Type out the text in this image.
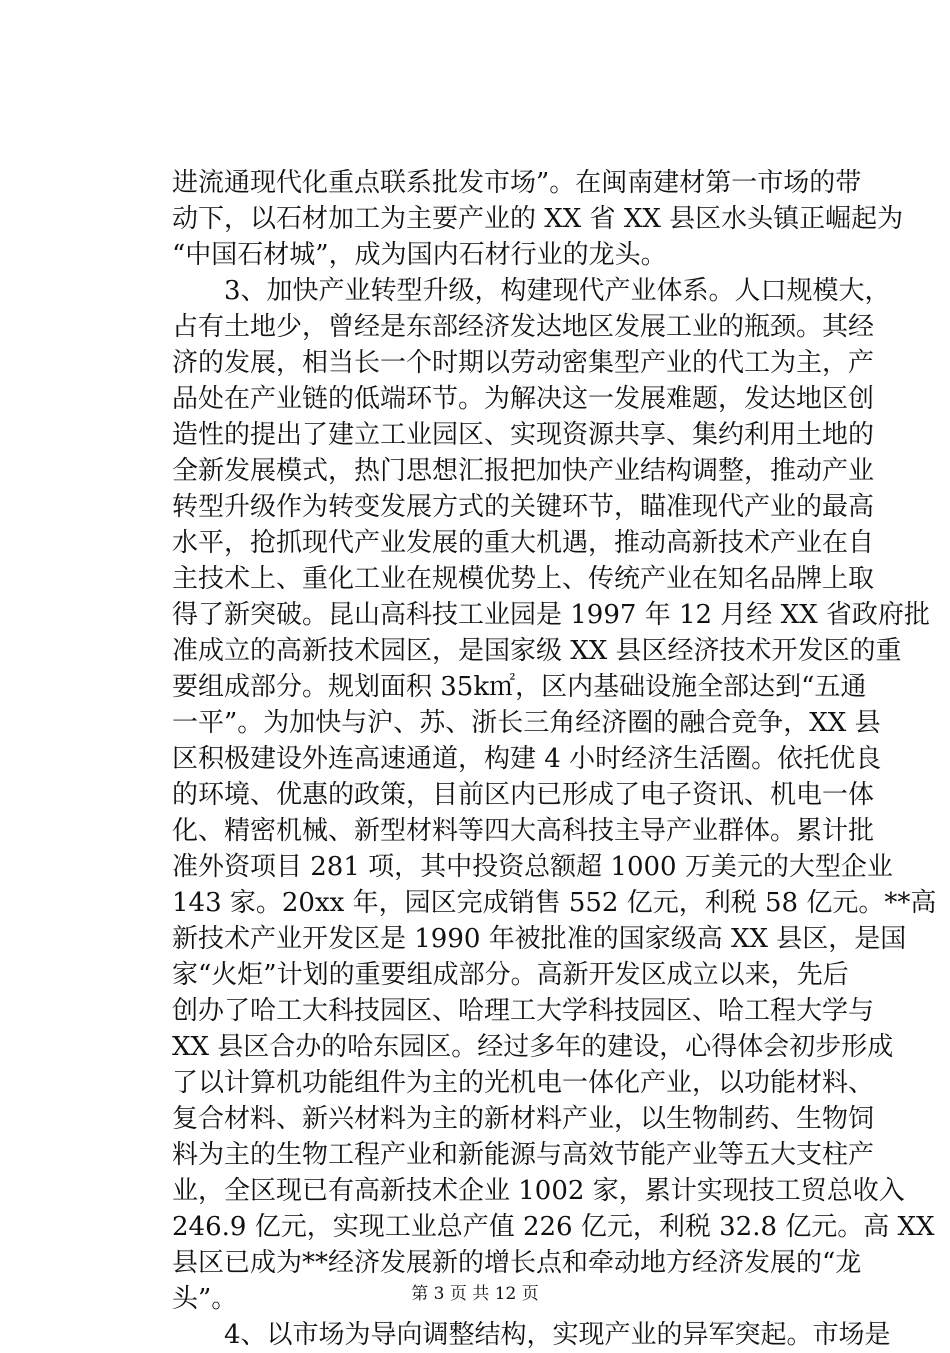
进流通现代化重点联系批发市场”。在闽南建材第一市场的带
动下，以石材加工为主要产业的 XX 省 XX 县区水头镇正崛起为
“中国石材城”，成为国内石材行业的龙头。
　　3、加快产业转型升级，构建现代产业体系。人口规模大，
占有土地少，曾经是东部经济发达地区发展工业的瓶颈。其经
济的发展，相当长一个时期以劳动密集型产业的代工为主，产
品处在产业链的低端环节。为解决这一发展难题，发达地区创
造性的提出了建立工业园区、实现资源共享、集约利用土地的
全新发展模式，热门思想汇报把加快产业结构调整，推动产业
转型升级作为转变发展方式的关键环节，瞄准现代产业的最高
水平，抢抓现代产业发展的重大机遇，推动高新技术产业在自
主技术上、重化工业在规模优势上、传统产业在知名品牌上取
得了新突破。昆山高科技工业园是 1997 年 12 月经 XX 省政府批
准成立的高新技术园区，是国家级 XX 县区经济技术开发区的重
要组成部分。规划面积 35k㎡，区内基础设施全部达到“五通
一平”。为加快与沪、苏、浙长三角经济圈的融合竞争，XX 县
区积极建设外连高速通道，构建 4 小时经济生活圈。依托优良
的环境、优惠的政策，目前区内已形成了电子资讯、机电一体
化、精密机械、新型材料等四大高科技主导产业群体。累计批
准外资项目 281 项，其中投资总额超 1000 万美元的大型企业
143 家。20xx 年，园区完成销售 552 亿元，利税 58 亿元。**高
新技术产业开发区是 1990 年被批准的国家级高 XX 县区，是国
家“火炬”计划的重要组成部分。高新开发区成立以来，先后
创办了哈工大科技园区、哈理工大学科技园区、哈工程大学与
XX 县区合办的哈东园区。经过多年的建设，心得体会初步形成
了以计算机功能组件为主的光机电一体化产业，以功能材料、
复合材料、新兴材料为主的新材料产业，以生物制药、生物饲
料为主的生物工程产业和新能源与高效节能产业等五大支柱产
业，全区现已有高新技术企业 1002 家，累计实现技工贸总收入
246.9 亿元，实现工业总产值 226 亿元，利税 32.8 亿元。高 XX
县区已成为**经济发展新的增长点和牵动地方经济发展的“龙
头”。
　　4、以市场为导向调整结构，实现产业的异军突起。市场是
第 3 页 共 12 页
